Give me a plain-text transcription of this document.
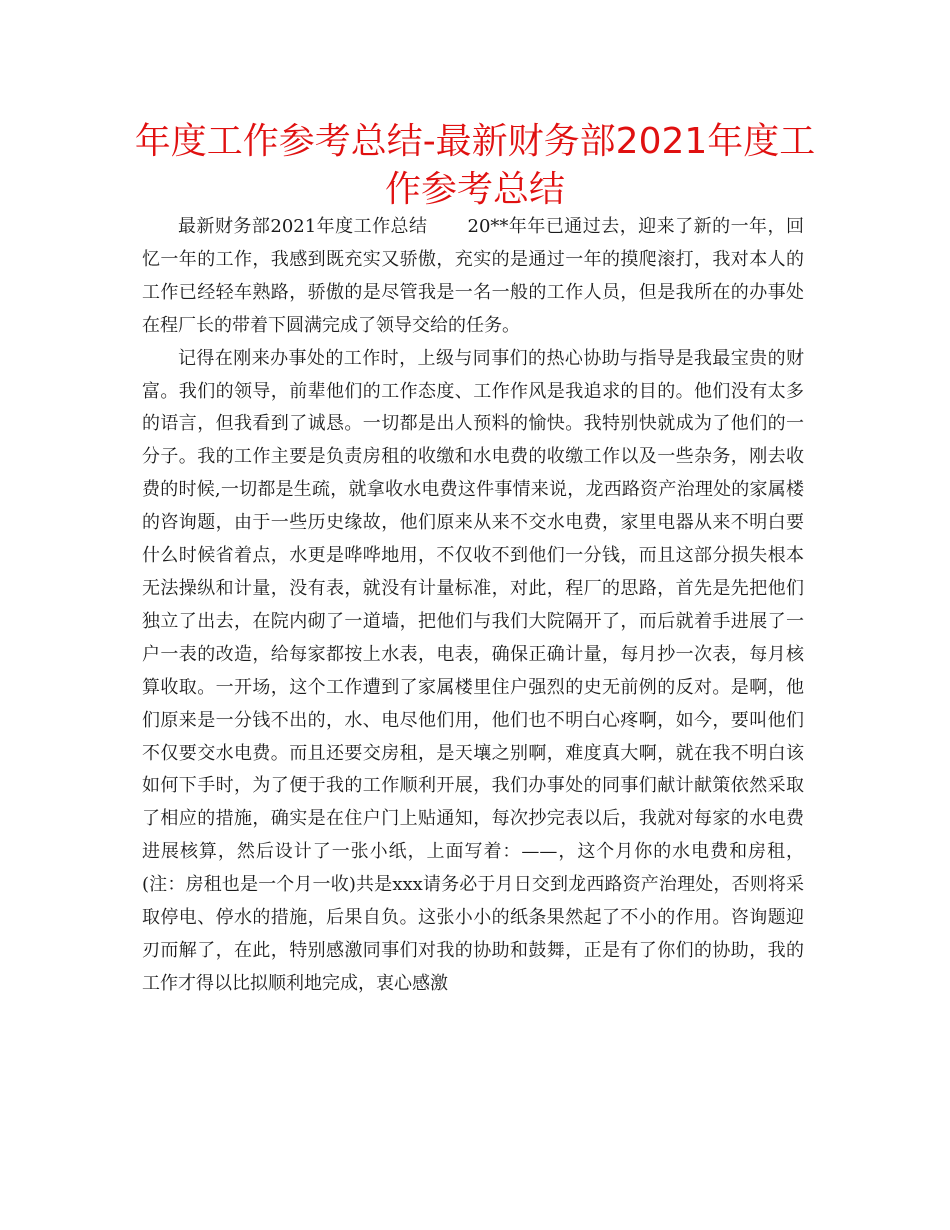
年度工作参考总结-最新财务部2021年度工作参考总结

最新财务部2021年度工作总结 20**年年已通过去，迎来了新的一年，回忆一年的工作，我感到既充实又骄傲，充实的是通过一年的摸爬滚打，我对本人的工作已经轻车熟路，骄傲的是尽管我是一名一般的工作人员，但是我所在的办事处在程厂长的带着下圆满完成了领导交给的任务。

记得在刚来办事处的工作时，上级与同事们的热心协助与指导是我最宝贵的财富。我们的领导，前辈他们的工作态度、工作作风是我追求的目的。他们没有太多的语言，但我看到了诚恳。一切都是出人预料的愉快。我特别快就成为了他们的一分子。我的工作主要是负责房租的收缴和水电费的收缴工作以及一些杂务，刚去收费的时候,一切都是生疏，就拿收水电费这件事情来说，龙西路资产治理处的家属楼的咨询题，由于一些历史缘故，他们原来从来不交水电费，家里电器从来不明白要什么时候省着点，水更是哗哗地用，不仅收不到他们一分钱，而且这部分损失根本无法操纵和计量，没有表，就没有计量标准，对此，程厂的思路，首先是先把他们独立了出去，在院内砌了一道墙，把他们与我们大院隔开了，而后就着手进展了一户一表的改造，给每家都按上水表，电表，确保正确计量，每月抄一次表，每月核算收取。一开场，这个工作遭到了家属楼里住户强烈的史无前例的反对。是啊，他们原来是一分钱不出的，水、电尽他们用，他们也不明白心疼啊，如今，要叫他们不仅要交水电费。而且还要交房租，是天壤之别啊，难度真大啊，就在我不明白该如何下手时，为了便于我的工作顺利开展，我们办事处的同事们献计献策依然采取了相应的措施，确实是在住户门上贴通知，每次抄完表以后，我就对每家的水电费进展核算，然后设计了一张小纸，上面写着：——，这个月你的水电费和房租，(注：房租也是一个月一收)共是xxx请务必于月日交到龙西路资产治理处，否则将采取停电、停水的措施，后果自负。这张小小的纸条果然起了不小的作用。咨询题迎刃而解了，在此，特别感激同事们对我的协助和鼓舞，正是有了你们的协助，我的工作才得以比拟顺利地完成，衷心感激
